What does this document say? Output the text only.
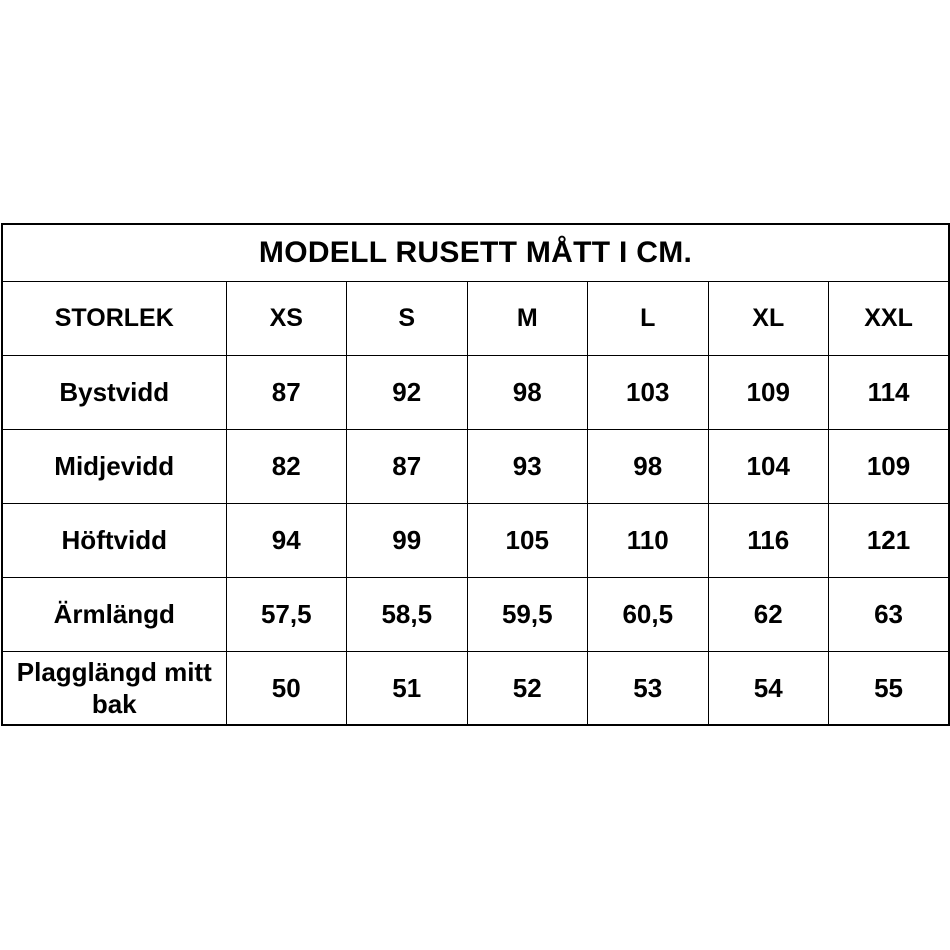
MODELL RUSETT MÅTT I CM.						
STORLEK	XS	S	M	L	XL	XXL
Bystvidd	87	92	98	103	109	114
Midjevidd	82	87	93	98	104	109
Höftvidd	94	99	105	110	116	121
Ärmlängd	57,5	58,5	59,5	60,5	62	63
Plagglängd mitt bak	50	51	52	53	54	55
